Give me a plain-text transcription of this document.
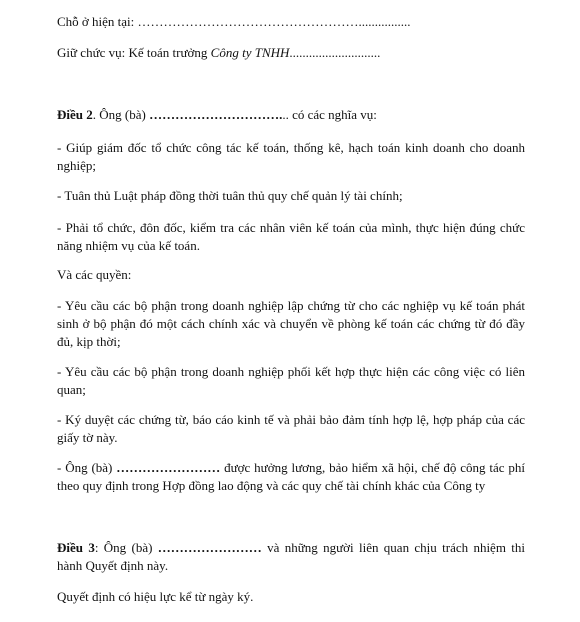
Chỗ ở hiện tại: ……………………………………………................

Giữ chức vụ: Kế toán trưởng Công ty TNHH............................

Điều 2. Ông (bà) …………………………... có các nghĩa vụ:

- Giúp giám đốc tổ chức công tác kế toán, thống kê, hạch toán kinh doanh cho doanh nghiệp;

- Tuân thủ Luật pháp đồng thời tuân thủ quy chế quản lý tài chính;

- Phải tổ chức, đôn đốc, kiểm tra các nhân viên kế toán của mình, thực hiện đúng chức năng nhiệm vụ của kế toán.

Và các quyền:

- Yêu cầu các bộ phận trong doanh nghiệp lập chứng từ cho các nghiệp vụ kế toán phát sinh ở bộ phận đó một cách chính xác và chuyển về phòng kế toán các chứng từ đó đầy đủ, kịp thời;

- Yêu cầu các bộ phận trong doanh nghiệp phối kết hợp thực hiện các công việc có liên quan;

- Ký duyệt các chứng từ, báo cáo kinh tế và phải bảo đảm tính hợp lệ, hợp pháp của các giấy tờ này.

- Ông (bà) …………………… được hưởng lương, bảo hiểm xã hội, chế độ công tác phí theo quy định trong Hợp đồng lao động và các quy chế tài chính khác của Công ty

Điều 3: Ông (bà) …………………… và những người liên quan chịu trách nhiệm thi hành Quyết định này.

Quyết định có hiệu lực kể từ ngày ký.
